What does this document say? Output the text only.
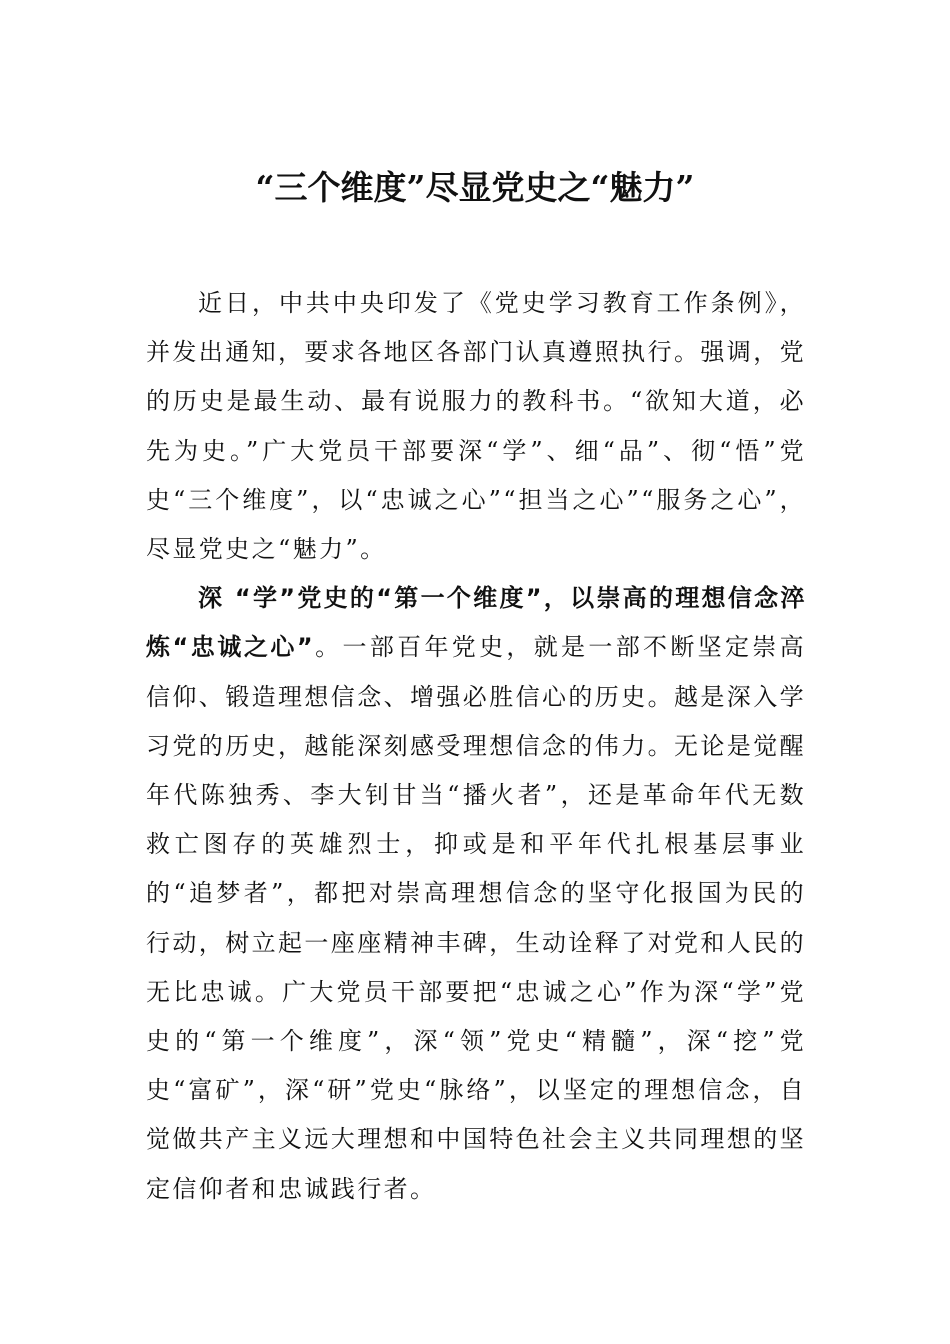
“三个维度”尽显党史之“魅力”

近日，中共中央印发了《党史学习教育工作条例》，并发出通知，要求各地区各部门认真遵照执行。强调，党的历史是最生动、最有说服力的教科书。“欲知大道，必先为史。”广大党员干部要深“学”、细“品”、彻“悟”党史“三个维度”，以“忠诚之心”“担当之心”“服务之心”，尽显党史之“魅力”。

深 “学”党史的“第一个维度”，以崇高的理想信念淬炼“忠诚之心”。一部百年党史，就是一部不断坚定崇高信仰、锻造理想信念、增强必胜信心的历史。越是深入学习党的历史，越能深刻感受理想信念的伟力。无论是觉醒年代陈独秀、李大钊甘当“播火者”，还是革命年代无数救亡图存的英雄烈士，抑或是和平年代扎根基层事业的“追梦者”，都把对崇高理想信念的坚守化报国为民的行动，树立起一座座精神丰碑，生动诠释了对党和人民的无比忠诚。广大党员干部要把“忠诚之心”作为深“学”党史的“第一个维度”，深“领”党史“精髓”，深“挖”党史“富矿”，深“研”党史“脉络”，以坚定的理想信念，自觉做共产主义远大理想和中国特色社会主义共同理想的坚定信仰者和忠诚践行者。
